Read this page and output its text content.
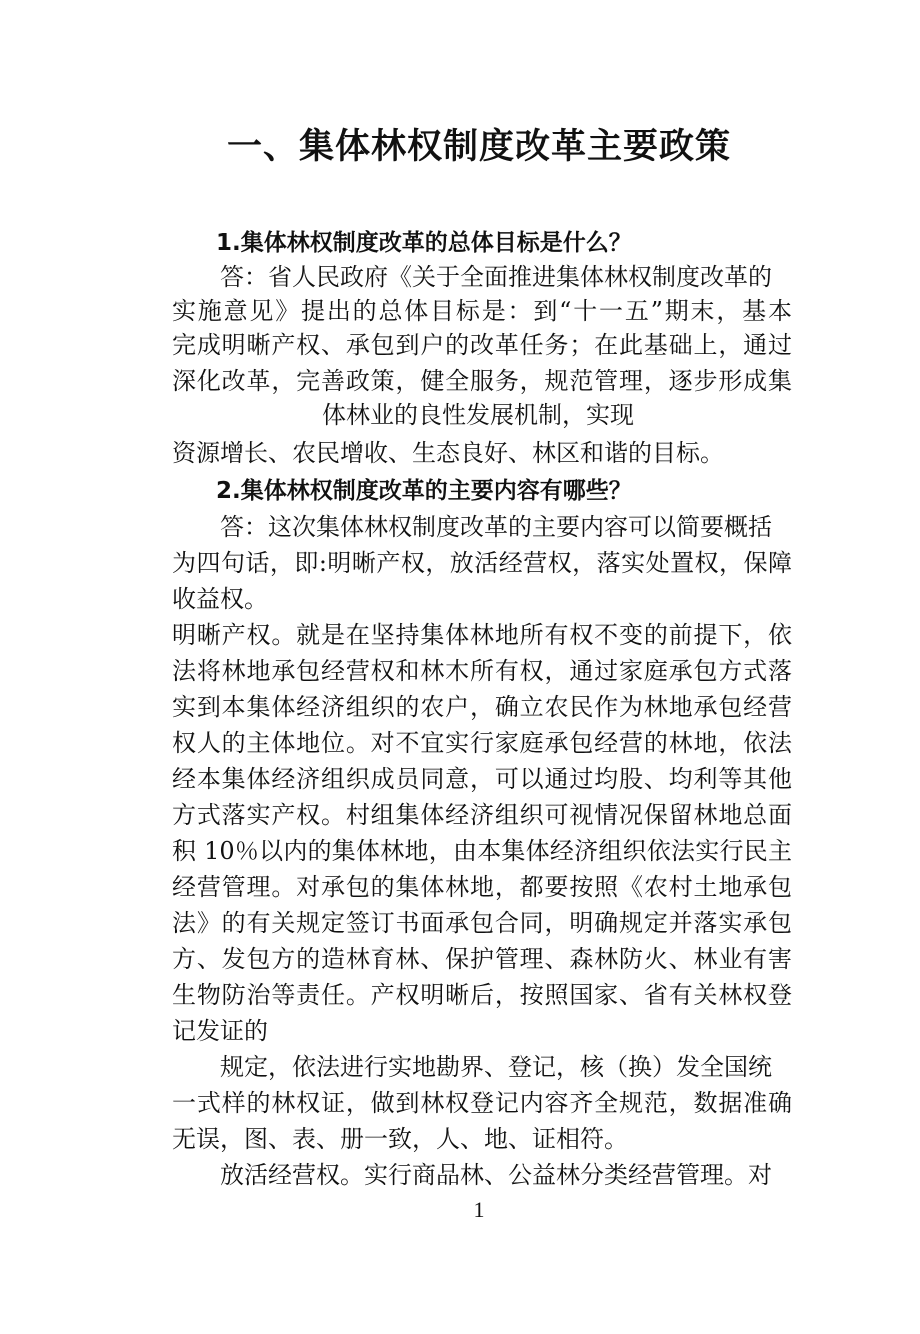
一、集体林权制度改革主要政策
1.集体林权制度改革的总体目标是什么？
答：省人民政府《关于全面推进集体林权制度改革的
实施意见》提出的总体目标是：到“十一五”期末，基本
完成明晰产权、承包到户的改革任务；在此基础上，通过
深化改革，完善政策，健全服务，规范管理，逐步形成集
体林业的良性发展机制，实现
资源增长、农民增收、生态良好、林区和谐的目标。
2.集体林权制度改革的主要内容有哪些？
答：这次集体林权制度改革的主要内容可以简要概括
为四句话，即:明晰产权，放活经营权，落实处置权，保障
收益权。
明晰产权。就是在坚持集体林地所有权不变的前提下，依
法将林地承包经营权和林木所有权，通过家庭承包方式落
实到本集体经济组织的农户，确立农民作为林地承包经营
权人的主体地位。对不宜实行家庭承包经营的林地，依法
经本集体经济组织成员同意，可以通过均股、均利等其他
方式落实产权。村组集体经济组织可视情况保留林地总面
积 10％以内的集体林地，由本集体经济组织依法实行民主
经营管理。对承包的集体林地，都要按照《农村土地承包
法》的有关规定签订书面承包合同，明确规定并落实承包
方、发包方的造林育林、保护管理、森林防火、林业有害
生物防治等责任。产权明晰后，按照国家、省有关林权登
记发证的
规定，依法进行实地勘界、登记，核（换）发全国统
一式样的林权证，做到林权登记内容齐全规范，数据准确
无误，图、表、册一致，人、地、证相符。
放活经营权。实行商品林、公益林分类经营管理。对
1
